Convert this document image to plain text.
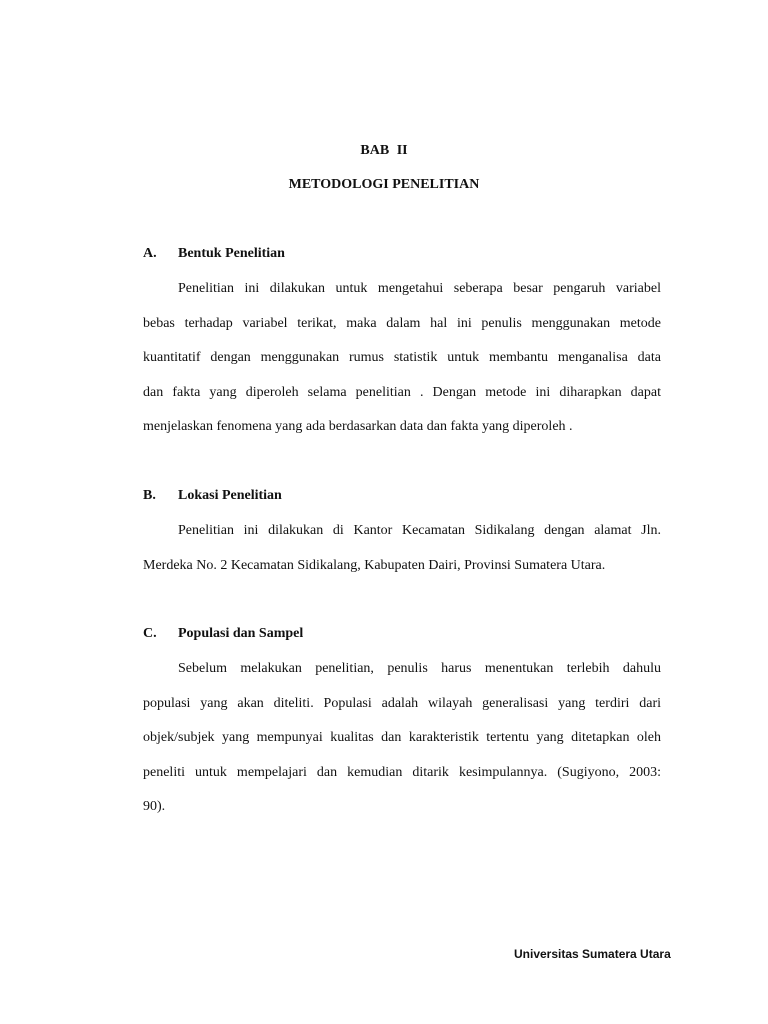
BAB II
METODOLOGI PENELITIAN
A.	Bentuk Penelitian
Penelitian ini dilakukan untuk mengetahui seberapa besar pengaruh variabel
bebas terhadap variabel terikat, maka dalam hal ini penulis menggunakan metode
kuantitatif dengan menggunakan rumus statistik untuk membantu menganalisa data
dan fakta yang diperoleh selama penelitian . Dengan metode ini diharapkan dapat
menjelaskan fenomena yang ada berdasarkan data dan fakta yang diperoleh .
B.	Lokasi Penelitian
Penelitian ini dilakukan di Kantor Kecamatan Sidikalang dengan alamat Jln.
Merdeka No. 2 Kecamatan Sidikalang, Kabupaten Dairi, Provinsi Sumatera Utara.
C.	Populasi dan Sampel
Sebelum melakukan penelitian, penulis harus menentukan terlebih dahulu
populasi yang akan diteliti. Populasi adalah wilayah generalisasi yang terdiri dari
objek/subjek yang mempunyai kualitas dan karakteristik tertentu yang ditetapkan oleh
peneliti untuk mempelajari dan kemudian ditarik kesimpulannya. (Sugiyono, 2003:
90).
Universitas Sumatera Utara
